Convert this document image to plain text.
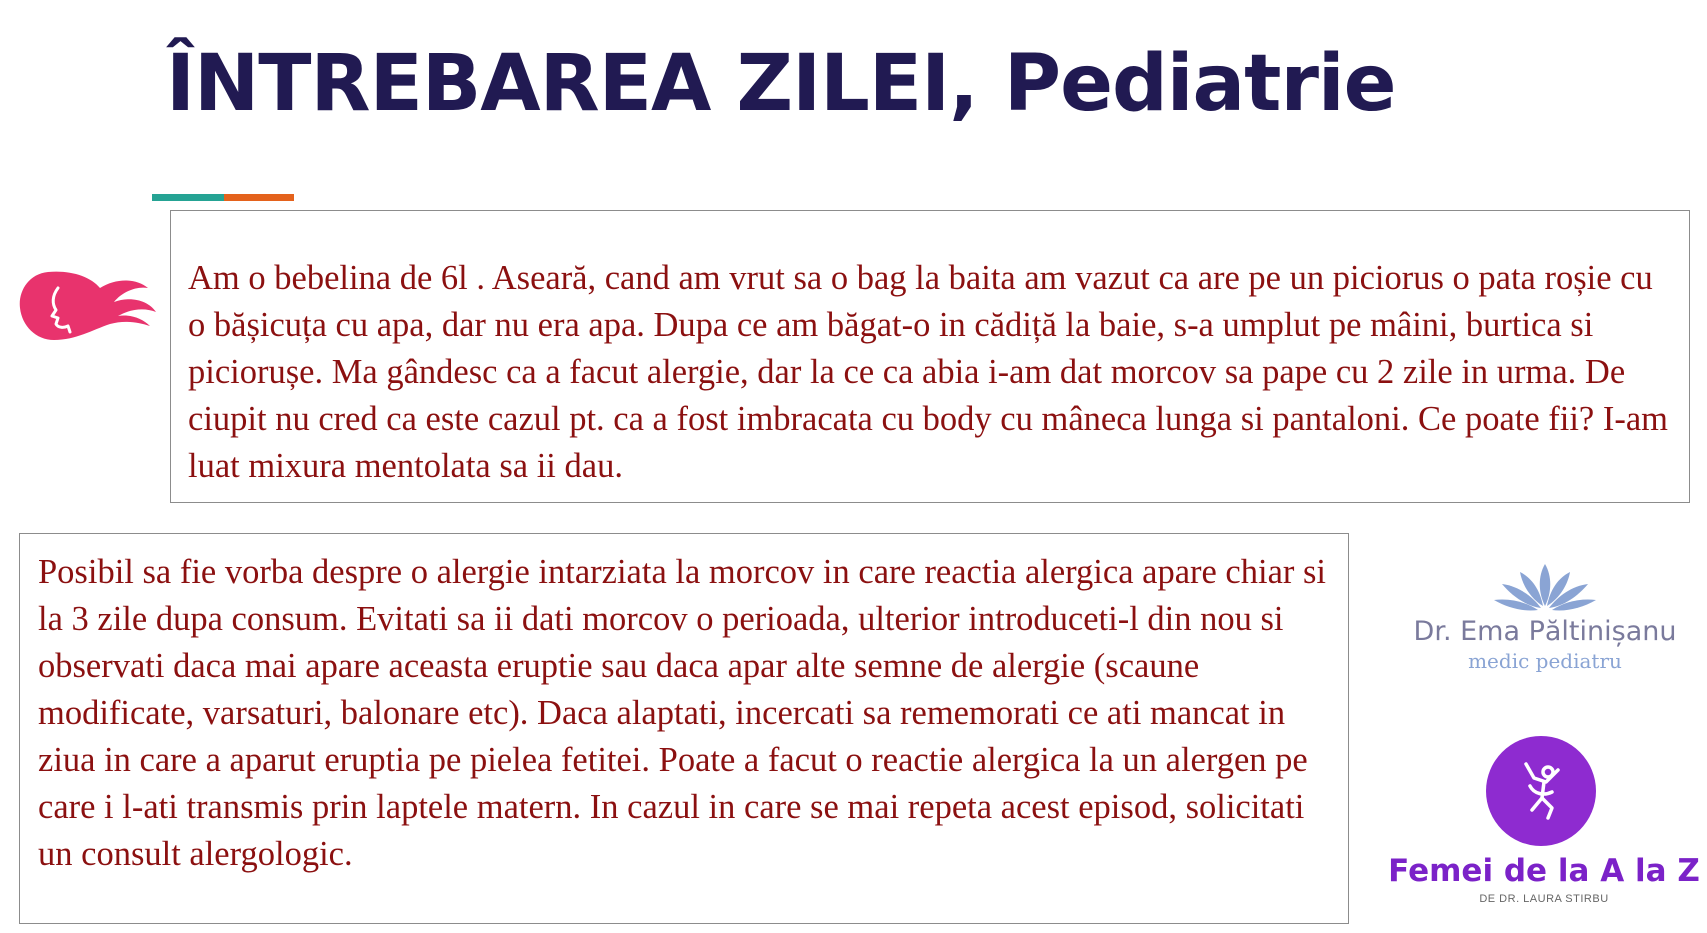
ÎNTREBAREA ZILEI, Pediatrie
Am o bebelina de 6l . Aseară, cand am vrut sa o bag la baita am vazut ca are pe un piciorus o pata roșie cu o bășicuța cu apa, dar nu era apa. Dupa ce am băgat-o in cădiță la baie, s-a umplut pe mâini, burtica si piciorușe. Ma gândesc ca a facut alergie, dar la ce ca abia i-am dat morcov sa pape cu 2 zile in urma. De ciupit nu cred ca este cazul pt. ca a fost imbracata cu body cu mâneca lunga si pantaloni. Ce poate fii? I-am luat mixura mentolata sa ii dau.
Posibil sa fie vorba despre o alergie intarziata la morcov in care reactia alergica apare chiar si la 3 zile dupa consum. Evitati sa ii dati morcov o perioada, ulterior introduceti-l din nou si observati daca mai apare aceasta eruptie sau daca apar alte semne de alergie (scaune modificate, varsaturi, balonare etc). Daca alaptati, incercati sa rememorati ce ati mancat in ziua in care a aparut eruptia pe pielea fetitei. Poate a facut o reactie alergica la un alergen pe care i l-ati transmis prin laptele matern. In cazul in care se mai repeta acest episod, solicitati un consult alergologic.
Dr. Ema Păltinișanu
medic pediatru
Femei de la A la Z
DE DR. LAURA STIRBU
